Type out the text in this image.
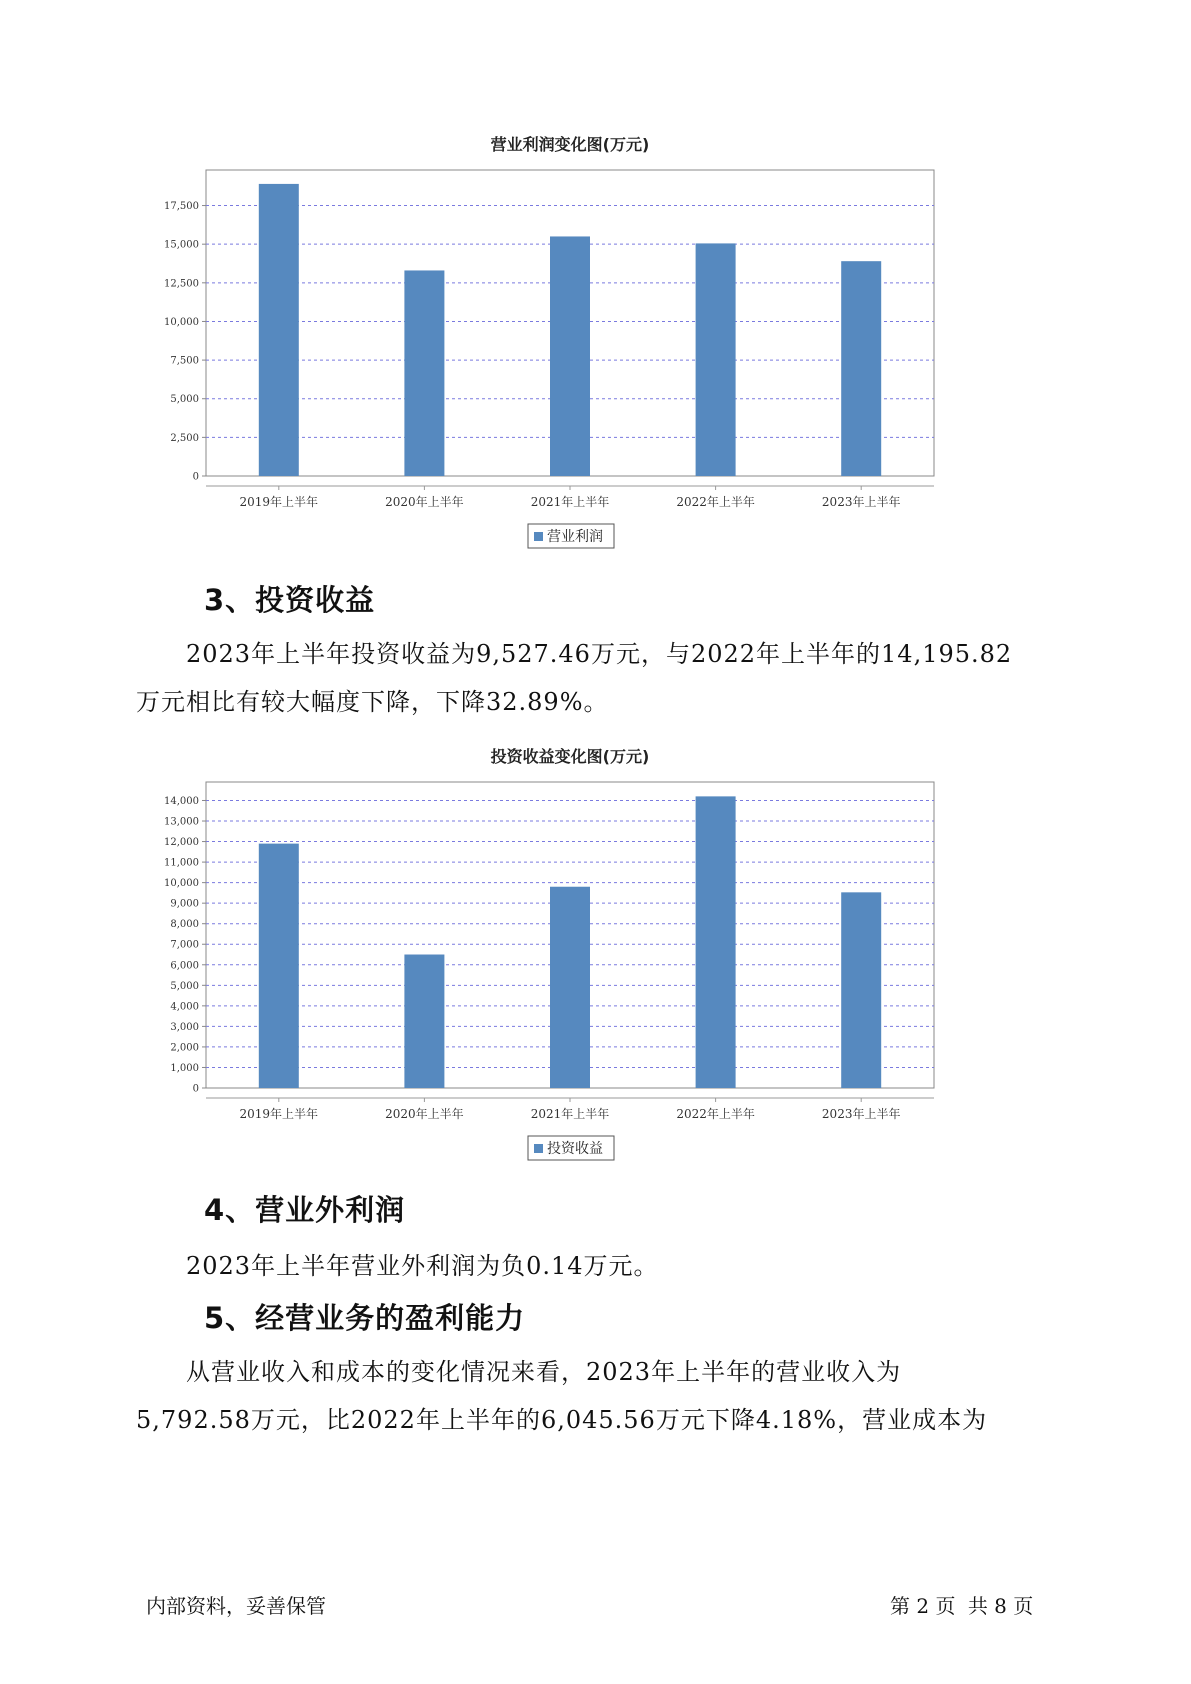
营业利润变化图(万元)
0
2,500
5,000
7,500
10,000
12,500
15,000
17,500
2019年上半年	2020年上半年	2021年上半年	2022年上半年	2023年上半年
营业利润
3、投资收益

2023年上半年投资收益为9,527.46万元，与2022年上半年的14,195.82
万元相比有较大幅度下降，下降32.89%。

投资收益变化图(万元)
0
1,000
2,000
3,000
4,000
5,000
6,000
7,000
8,000
9,000
10,000
11,000
12,000
13,000
14,000
2019年上半年	2020年上半年	2021年上半年	2022年上半年	2023年上半年
投资收益
4、营业外利润

2023年上半年营业外利润为负0.14万元。

5、经营业务的盈利能力

从营业收入和成本的变化情况来看，2023年上半年的营业收入为
5,792.58万元，比2022年上半年的6,045.56万元下降4.18%，营业成本为

内部资料，妥善保管	第 2 页 共 8 页
